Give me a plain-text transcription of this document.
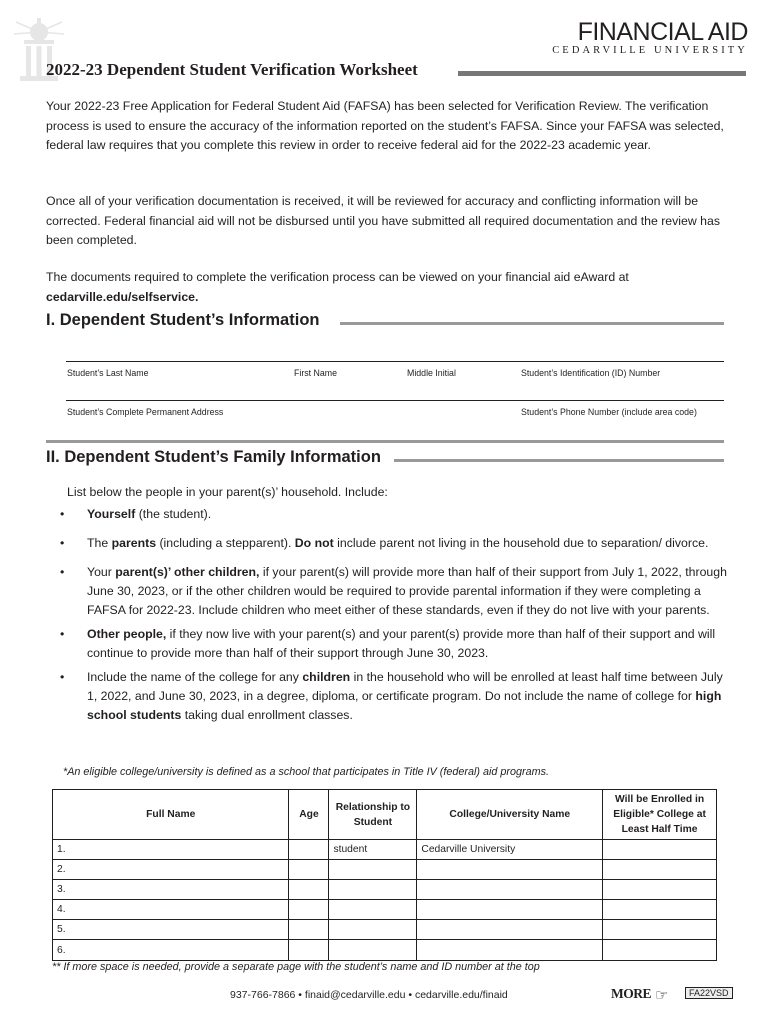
FINANCIAL AID
CEDARVILLE UNIVERSITY
2022-23 Dependent Student Verification Worksheet
Your 2022-23 Free Application for Federal Student Aid (FAFSA) has been selected for Verification Review. The verification process is used to ensure the accuracy of the information reported on the student’s FAFSA. Since your FAFSA was selected, federal law requires that you complete this review in order to receive federal aid for the 2022-23 academic year.
Once all of your verification documentation is received, it will be reviewed for accuracy and conflicting information will be corrected. Federal financial aid will not be disbursed until you have submitted all required documentation and the review has been completed.
The documents required to complete the verification process can be viewed on your financial aid eAward at
cedarville.edu/selfservice.
I. Dependent Student’s Information
Student’s Last Name	First Name	Middle Initial	Student’s Identification (ID) Number
Student’s Complete Permanent Address	Student’s Phone Number (include area code)
II. Dependent Student’s Family Information
List below the people in your parent(s)’ household. Include:
• Yourself (the student).
• The parents (including a stepparent). Do not include parent not living in the household due to separation/ divorce.
• Your parent(s)’ other children, if your parent(s) will provide more than half of their support from July 1, 2022, through June 30, 2023, or if the other children would be required to provide parental information if they were completing a FAFSA for 2022-23. Include children who meet either of these standards, even if they do not live with your parents.
• Other people, if they now live with your parent(s) and your parent(s) provide more than half of their support and will continue to provide more than half of their support through June 30, 2023.
• Include the name of the college for any children in the household who will be enrolled at least half time between July 1, 2022, and June 30, 2023, in a degree, diploma, or certificate program. Do not include the name of college for high school students taking dual enrollment classes.
*An eligible college/university is defined as a school that participates in Title IV (federal) aid programs.
Full Name	Age	Relationship to Student	College/University Name	Will be Enrolled in Eligible* College at Least Half Time
1.		student	Cedarville University	
2.				
3.				
4.				
5.				
6.				
** If more space is needed, provide a separate page with the student’s name and ID number at the top
937-766-7866 • finaid@cedarville.edu • cedarville.edu/finaid	MORE ☞	FA22VSD
